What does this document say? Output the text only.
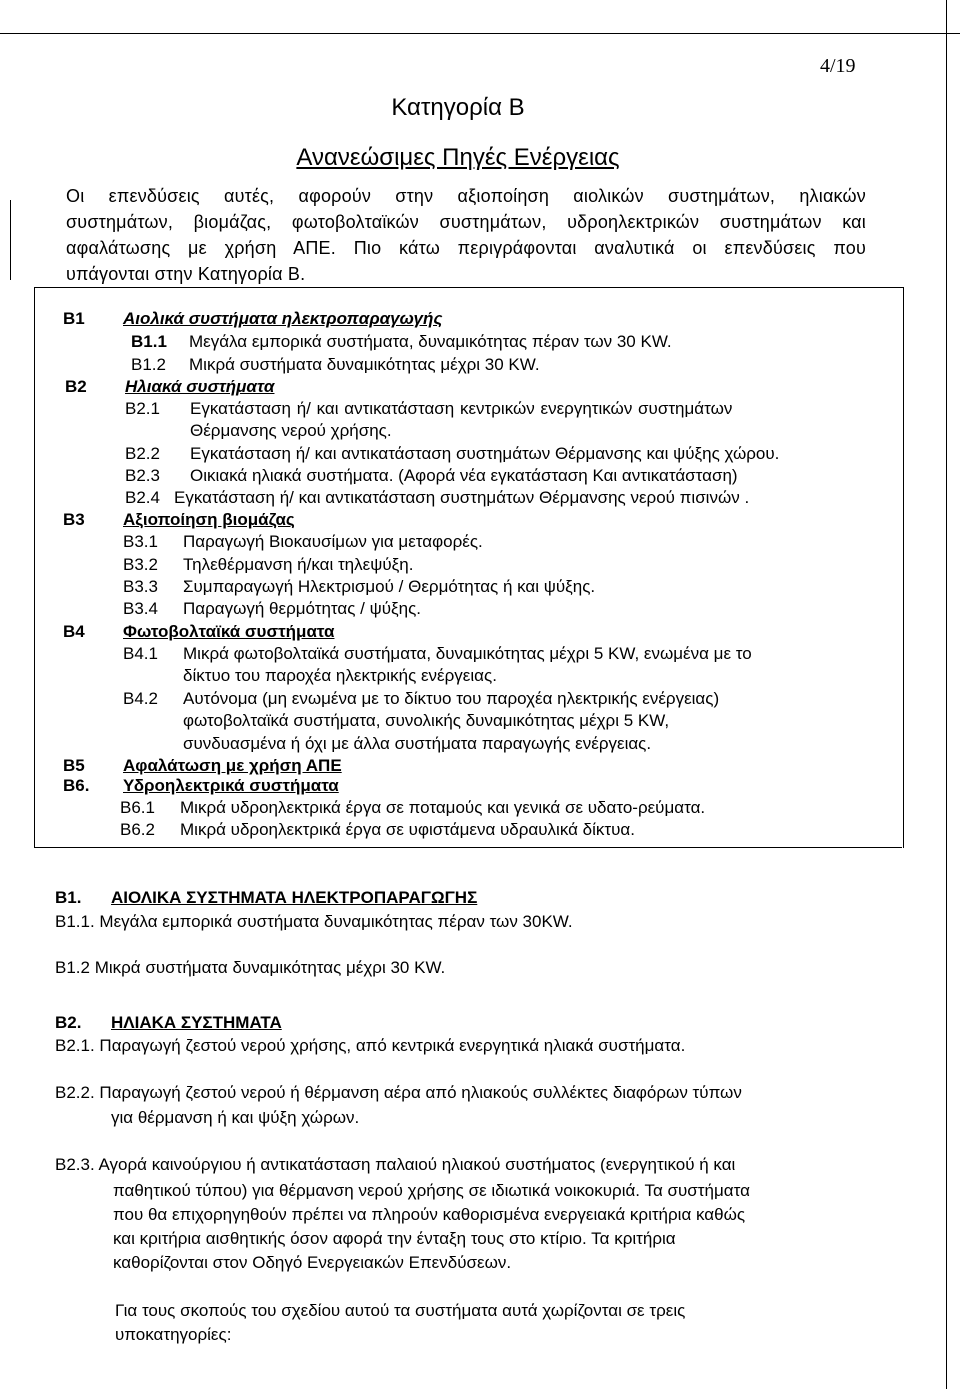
4/19
Κατηγορία Β
Ανανεώσιμες Πηγές Ενέργειας
Οι επενδύσεις αυτές, αφορούν στην αξιοποίηση αιολικών συστημάτων, ηλιακών
συστημάτων, βιομάζας, φωτοβολταϊκών συστημάτων, υδροηλεκτρικών συστημάτων και
αφαλάτωσης με χρήση ΑΠΕ. Πιο κάτω περιγράφονται αναλυτικά οι επενδύσεις που
υπάγονται στην Κατηγορία Β.
Β1 Αιολικά συστήματα ηλεκτροπαραγωγής
Β1.1 Μεγάλα εμπορικά συστήματα, δυναμικότητας πέραν των 30 KW.
Β1.2 Μικρά συστήματα δυναμικότητας μέχρι 30 KW.
Β2 Ηλιακά συστήματα
Β2.1 Εγκατάσταση ή/ και αντικατάσταση κεντρικών ενεργητικών συστημάτων
Θέρμανσης νερού χρήσης.
Β2.2 Εγκατάσταση ή/ και αντικατάσταση συστημάτων Θέρμανσης και ψύξης χώρου.
Β2.3 Οικιακά ηλιακά συστήματα. (Αφορά νέα εγκατάσταση Και αντικατάσταση)
Β2.4 Εγκατάσταση ή/ και αντικατάσταση συστημάτων Θέρμανσης νερού πισινών .
Β3 Αξιοποίηση βιομάζας
Β3.1 Παραγωγή Βιοκαυσίμων για μεταφορές.
Β3.2 Τηλεθέρμανση ή/και τηλεψύξη.
Β3.3 Συμπαραγωγή Ηλεκτρισμού / Θερμότητας ή και ψύξης.
Β3.4 Παραγωγή θερμότητας / ψύξης.
Β4 Φωτοβολταϊκά συστήματα
Β4.1 Μικρά φωτοβολταϊκά συστήματα, δυναμικότητας μέχρι 5 KW, ενωμένα με το
δίκτυο του παροχέα ηλεκτρικής ενέργειας.
Β4.2 Αυτόνομα (μη ενωμένα με το δίκτυο του παροχέα ηλεκτρικής ενέργειας)
φωτοβολταϊκά συστήματα, συνολικής δυναμικότητας μέχρι 5 KW,
συνδυασμένα ή όχι με άλλα συστήματα παραγωγής ενέργειας.
Β5 Αφαλάτωση με χρήση ΑΠΕ
Β6. Υδροηλεκτρικά συστήματα
Β6.1 Μικρά υδροηλεκτρικά έργα σε ποταμούς και γενικά σε υδατο-ρεύματα.
Β6.2 Μικρά υδροηλεκτρικά έργα σε υφιστάμενα υδραυλικά δίκτυα.
Β1. ΑΙΟΛΙΚΑ ΣΥΣΤΗΜΑΤΑ ΗΛΕΚΤΡΟΠΑΡΑΓΩΓΗΣ
Β1.1. Μεγάλα εμπορικά συστήματα δυναμικότητας πέραν των 30KW.
Β1.2 Μικρά συστήματα δυναμικότητας μέχρι 30 KW.
Β2. ΗΛΙΑΚΑ ΣΥΣΤΗΜΑΤΑ
Β2.1. Παραγωγή ζεστού νερού χρήσης, από κεντρικά ενεργητικά ηλιακά συστήματα.
Β2.2. Παραγωγή ζεστού νερού ή θέρμανση αέρα από ηλιακούς συλλέκτες διαφόρων τύπων
για θέρμανση ή και ψύξη χώρων.
Β2.3. Αγορά καινούργιου ή αντικατάσταση παλαιού ηλιακού συστήματος (ενεργητικού ή και
παθητικού τύπου) για θέρμανση νερού χρήσης σε ιδιωτικά νοικοκυριά. Τα συστήματα
που θα επιχορηγηθούν πρέπει να πληρούν καθορισμένα ενεργειακά κριτήρια καθώς
και κριτήρια αισθητικής όσον αφορά την ένταξη τους στο κτίριο. Τα κριτήρια
καθορίζονται στον Οδηγό Ενεργειακών Επενδύσεων.
Για τους σκοπούς του σχεδίου αυτού τα συστήματα αυτά χωρίζονται σε τρεις
υποκατηγορίες:
